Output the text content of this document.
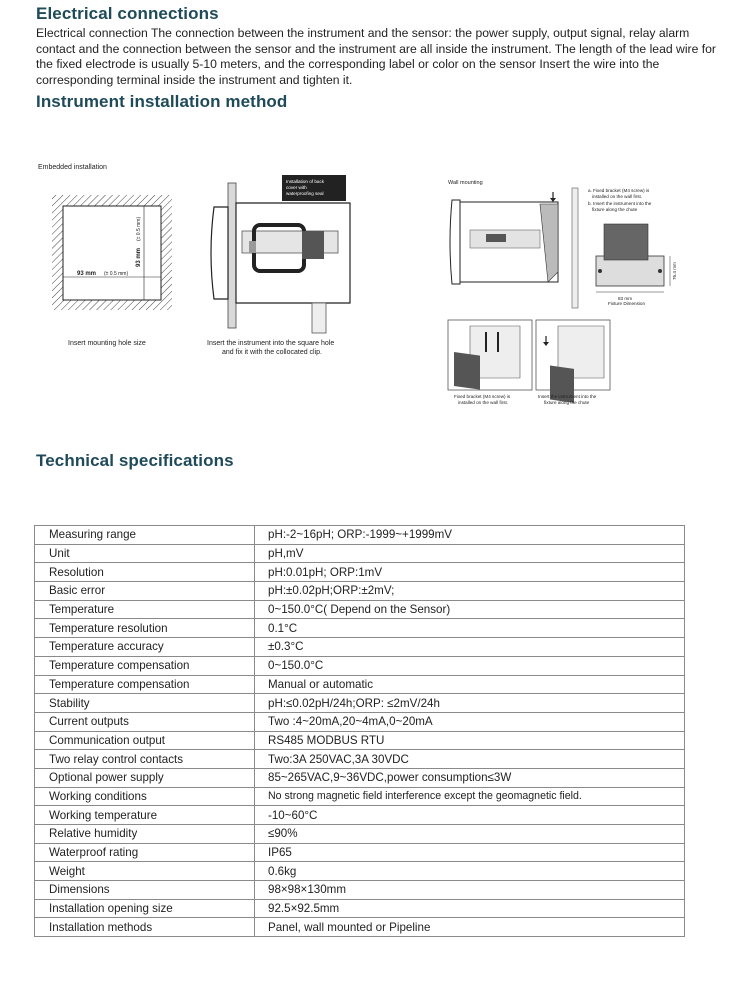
Electrical connections

Electrical connection The connection between the instrument and the sensor: the power supply, output signal, relay alarm contact and the connection between the sensor and the instrument are all inside the instrument. The length of the lead wire for the fixed electrode is usually 5-10 meters, and the corresponding label or color on the sensor Insert the wire into the corresponding terminal inside the instrument and tighten it.

Instrument installation method
Embedded installation
93 mm (± 0.5 mm)
93 mm
(± 0.5 mm)
Insert mounting hole size
Installation of back
cover with
waterproofing seal
Insert the instrument into the square hole
and fix it with the collocated clip.
Wall mounting
a. Fixed bracket (M4 screw) is
installed on the wall first.
b. Insert the instrument into the
fixture along the chute
83 mm
76.4 mm
Fixture Dimension
Fixed bracket (M4 screw) is
installed on the wall first.
Insert the instrument into the
fixture along the chute
Technical specifications
Measuring range	pH:-2~16pH; ORP:-1999~+1999mV
Unit	pH,mV
Resolution	pH:0.01pH; ORP:1mV
Basic error	pH:±0.02pH;ORP:±2mV;
Temperature	0~150.0°C( Depend on the Sensor)
Temperature resolution	0.1°C
Temperature accuracy	±0.3°C
Temperature compensation	0~150.0°C
Temperature compensation	Manual or automatic
Stability	pH:≤0.02pH/24h;ORP: ≤2mV/24h
Current outputs	Two :4~20mA,20~4mA,0~20mA
Communication output	RS485 MODBUS RTU
Two relay control contacts	Two:3A 250VAC,3A 30VDC
Optional power supply	85~265VAC,9~36VDC,power consumption≤3W
Working conditions	No strong magnetic field interference except the geomagnetic field.
Working temperature	-10~60°C
Relative humidity	≤90%
Waterproof rating	IP65
Weight	0.6kg
Dimensions	98×98×130mm
Installation opening size	92.5×92.5mm
Installation methods	Panel, wall mounted or Pipeline
